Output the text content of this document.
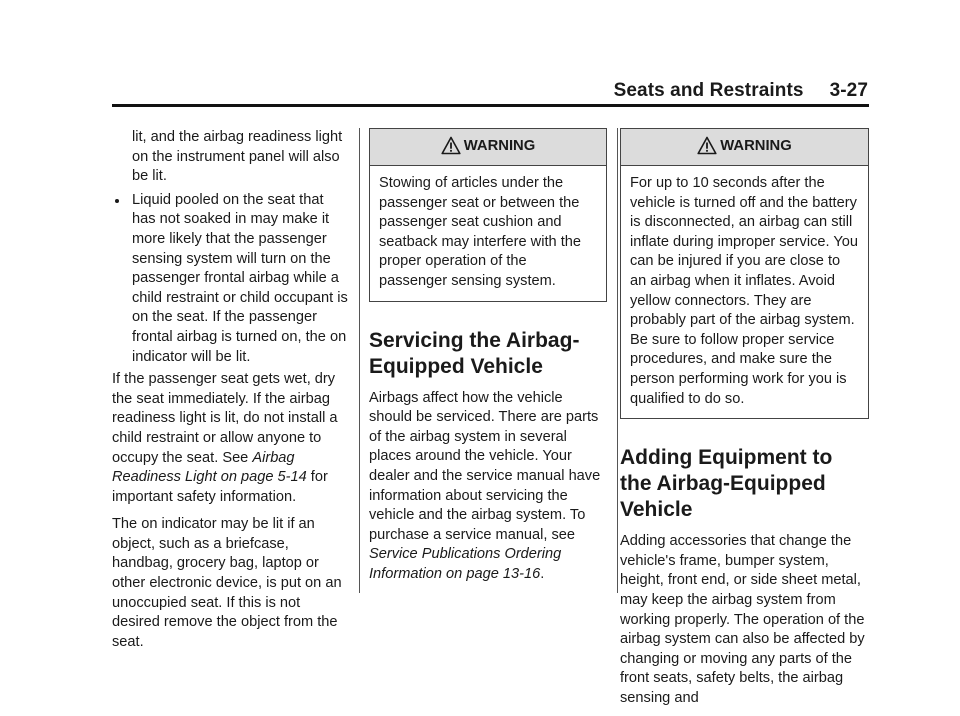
Seats and Restraints 3-27

lit, and the airbag readiness light on the instrument panel will also be lit.

Liquid pooled on the seat that has not soaked in may make it more likely that the passenger sensing system will turn on the passenger frontal airbag while a child restraint or child occupant is on the seat. If the passenger frontal airbag is turned on, the on indicator will be lit.

If the passenger seat gets wet, dry the seat immediately. If the airbag readiness light is lit, do not install a child restraint or allow anyone to occupy the seat. See Airbag Readiness Light on page 5-14 for important safety information.

The on indicator may be lit if an object, such as a briefcase, handbag, grocery bag, laptop or other electronic device, is put on an unoccupied seat. If this is not desired remove the object from the seat.

WARNING
Stowing of articles under the passenger seat or between the passenger seat cushion and seatback may interfere with the proper operation of the passenger sensing system.
Servicing the Airbag-Equipped Vehicle

Airbags affect how the vehicle should be serviced. There are parts of the airbag system in several places around the vehicle. Your dealer and the service manual have information about servicing the vehicle and the airbag system. To purchase a service manual, see Service Publications Ordering Information on page 13-16.

WARNING
For up to 10 seconds after the vehicle is turned off and the battery is disconnected, an airbag can still inflate during improper service. You can be injured if you are close to an airbag when it inflates. Avoid yellow connectors. They are probably part of the airbag system. Be sure to follow proper service procedures, and make sure the person performing work for you is qualified to do so.
Adding Equipment to the Airbag-Equipped Vehicle

Adding accessories that change the vehicle's frame, bumper system, height, front end, or side sheet metal, may keep the airbag system from working properly. The operation of the airbag system can also be affected by changing or moving any parts of the front seats, safety belts, the airbag sensing and
